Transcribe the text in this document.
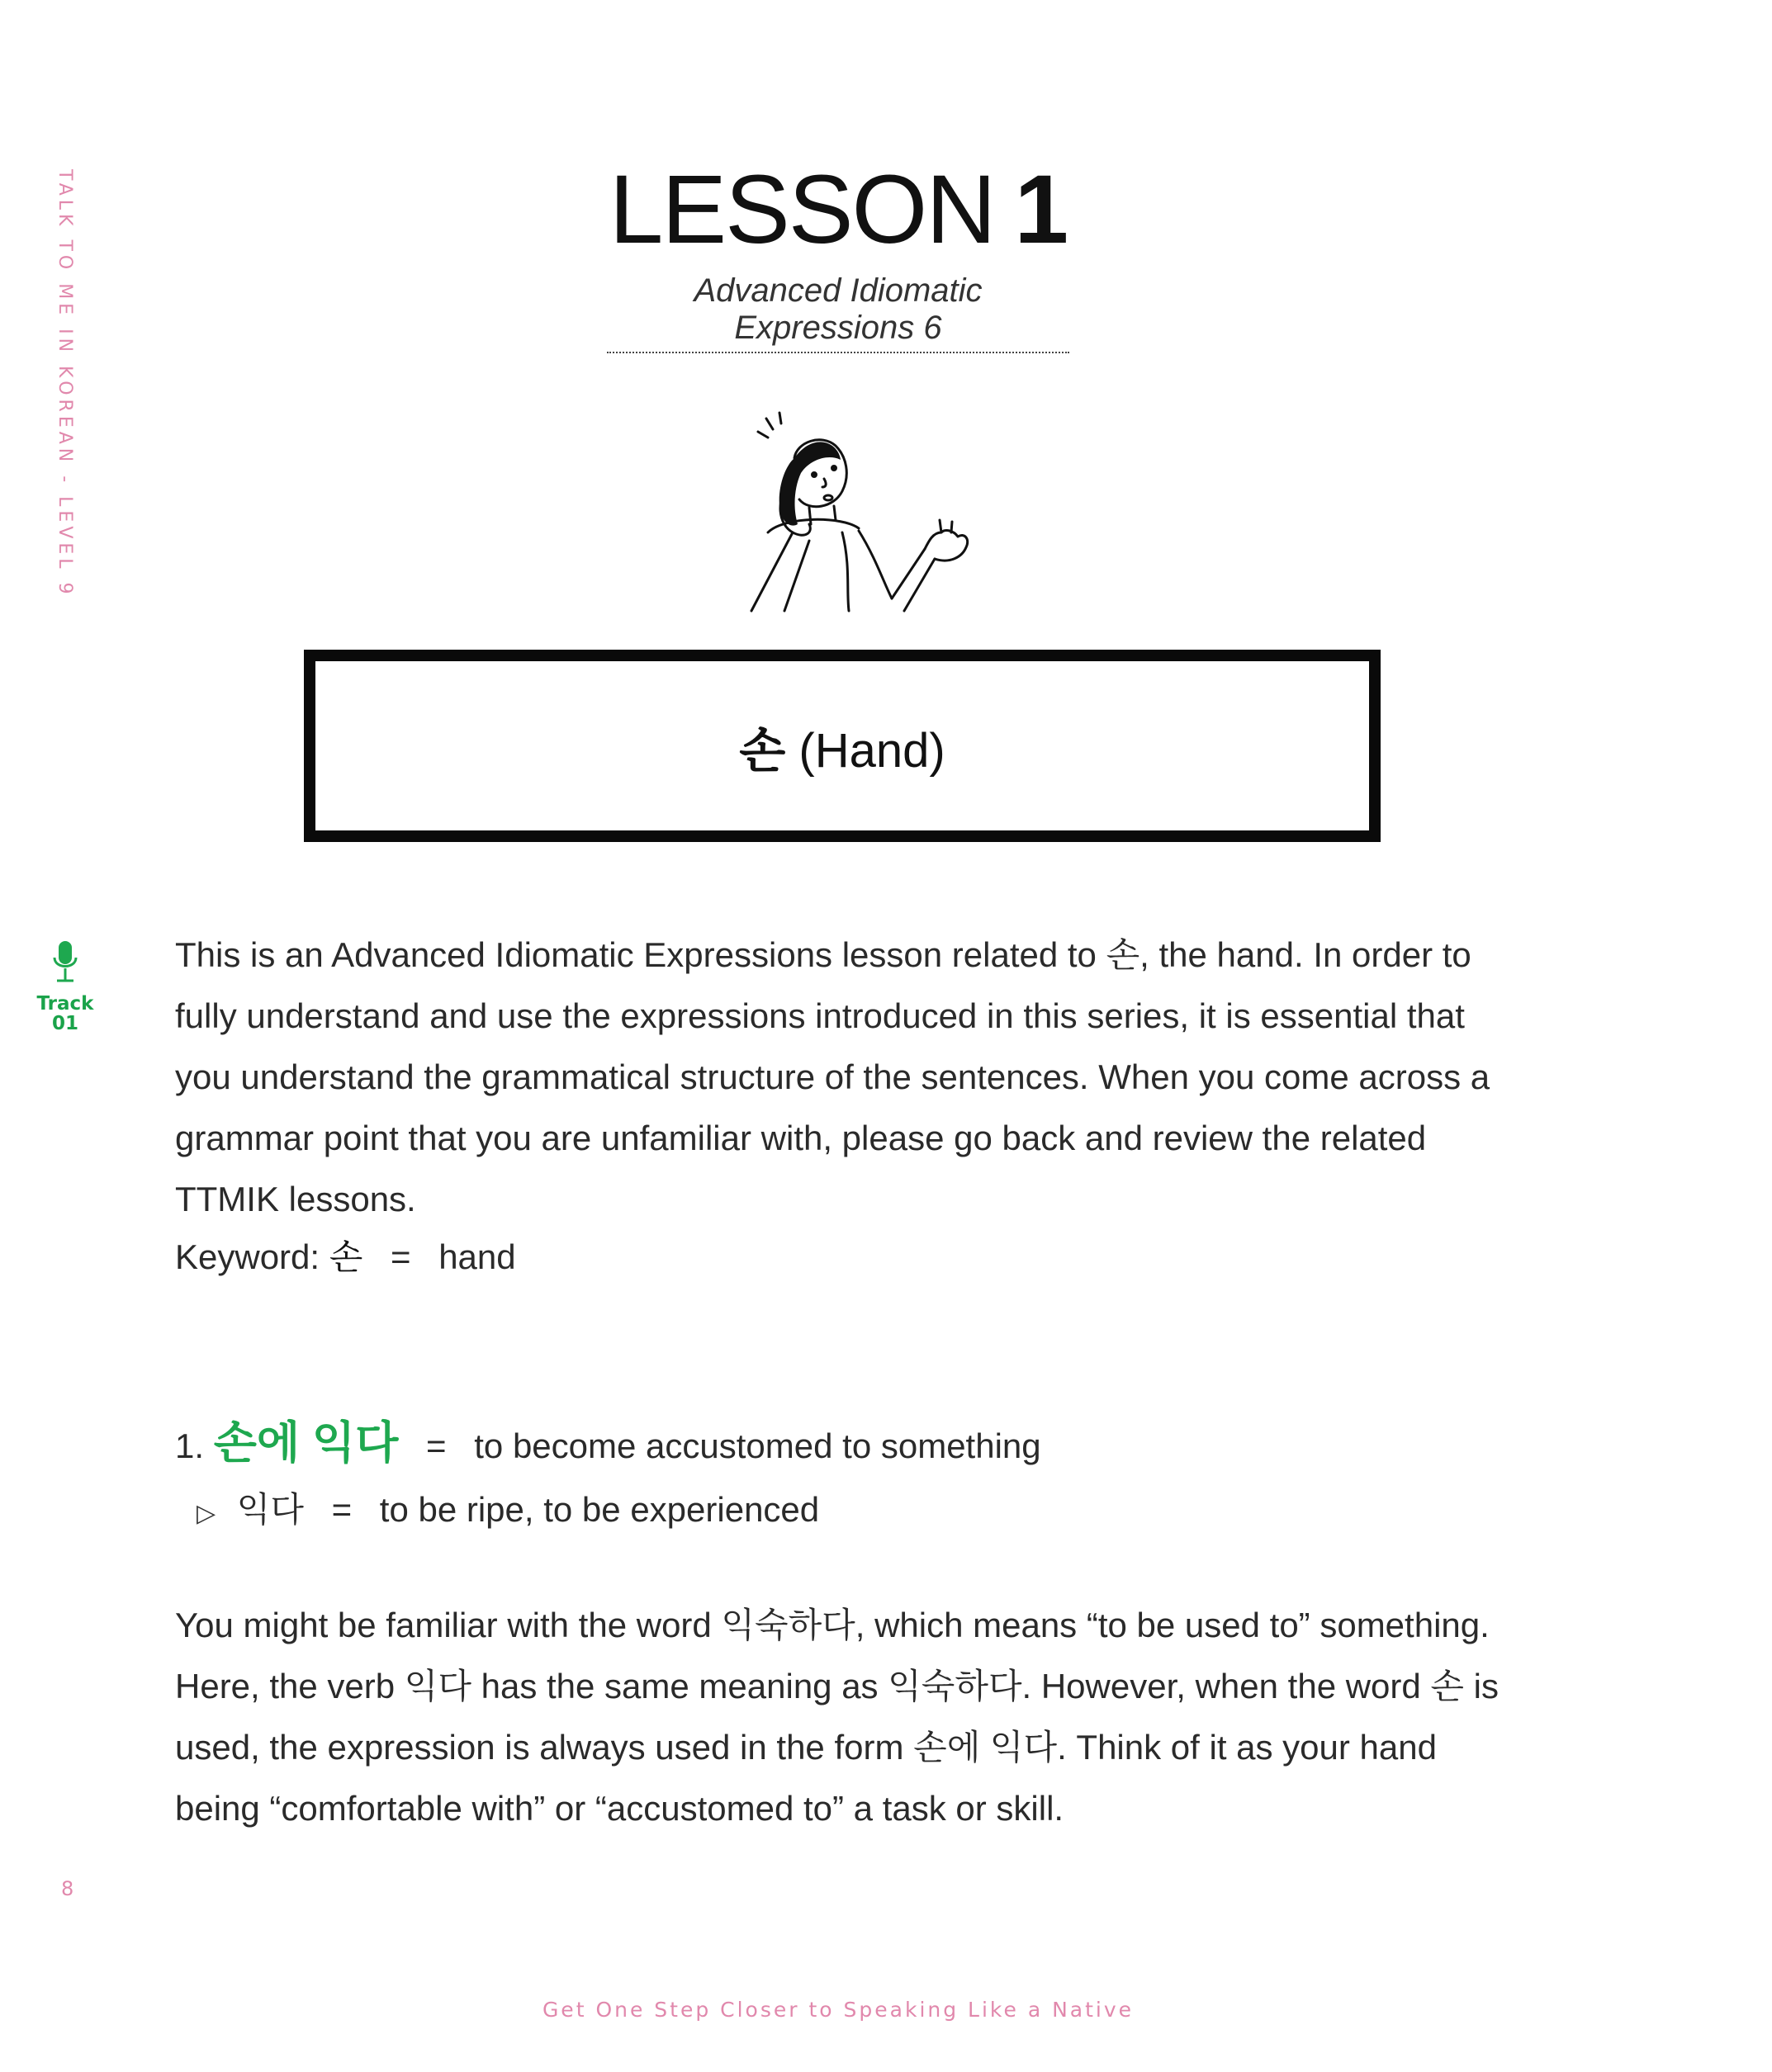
TALK TO ME IN KOREAN - LEVEL 9	LESSON 1
Advanced Idiomatic Expressions 6
손 (Hand)
Track
01

This is an Advanced Idiomatic Expressions lesson related to 손, the hand. In order to fully understand and use the expressions introduced in this series, it is essential that you understand the grammatical structure of the sentences. When you come across a grammar point that you are unfamiliar with, please go back and review the related TTMIK lessons.

Keyword: 손 = hand
1. 손에 익다 = to become accustomed to something
▷ 익다 = to be ripe, to be experienced

You might be familiar with the word 익숙하다, which means “to be used to” something. Here, the verb 익다 has the same meaning as 익숙하다. However, when the word 손 is used, the expression is always used in the form 손에 익다. Think of it as your hand being “comfortable with” or “accustomed to” a task or skill.

8
Get One Step Closer to Speaking Like a Native
